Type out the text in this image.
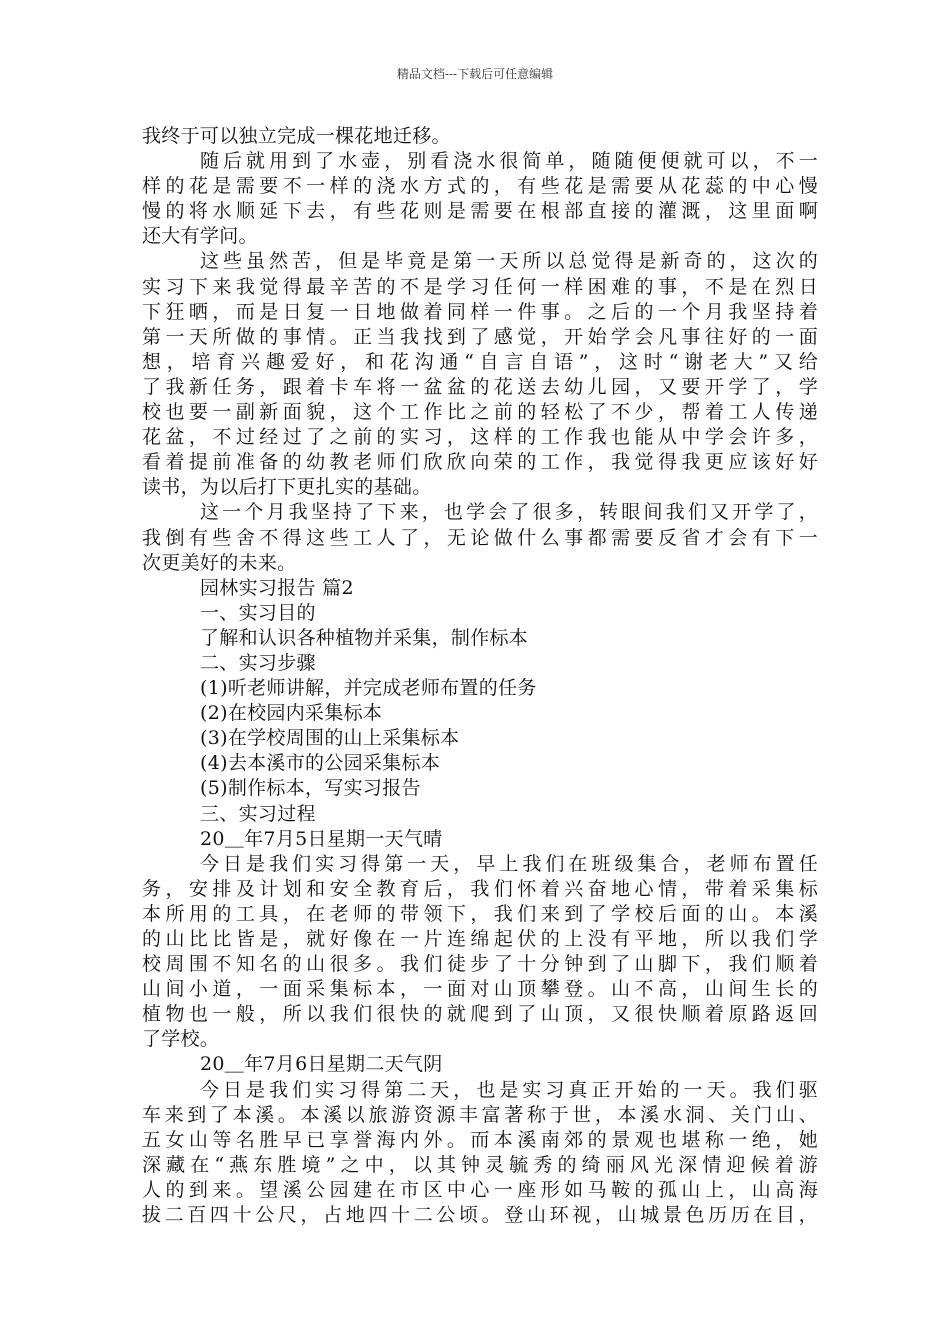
精品文档---下载后可任意编辑
我终于可以独立完成一棵花地迁移。
随后就用到了水壶，别看浇水很简单，随随便便就可以，不一
样的花是需要不一样的浇水方式的，有些花是需要从花蕊的中心慢
慢的将水顺延下去，有些花则是需要在根部直接的灌溉，这里面啊
还大有学问。
这些虽然苦，但是毕竟是第一天所以总觉得是新奇的，这次的
实习下来我觉得最辛苦的不是学习任何一样困难的事，不是在烈日
下狂晒，而是日复一日地做着同样一件事。之后的一个月我坚持着
第一天所做的事情。正当我找到了感觉，开始学会凡事往好的一面
想，培育兴趣爱好，和花沟通“自言自语”，这时“谢老大”又给
了我新任务，跟着卡车将一盆盆的花送去幼儿园，又要开学了，学
校也要一副新面貌，这个工作比之前的轻松了不少，帮着工人传递
花盆，不过经过了之前的实习，这样的工作我也能从中学会许多，
看着提前准备的幼教老师们欣欣向荣的工作，我觉得我更应该好好
读书，为以后打下更扎实的基础。
这一个月我坚持了下来，也学会了很多，转眼间我们又开学了，
我倒有些舍不得这些工人了，无论做什么事都需要反省才会有下一
次更美好的未来。
园林实习报告 篇2
一、实习目的
了解和认识各种植物并采集，制作标本
二、实习步骤
(1)听老师讲解，并完成老师布置的任务
(2)在校园内采集标本
(3)在学校周围的山上采集标本
(4)去本溪市的公园采集标本
(5)制作标本，写实习报告
三、实习过程
20＿年7月5日星期一天气晴
今日是我们实习得第一天，早上我们在班级集合，老师布置任
务，安排及计划和安全教育后，我们怀着兴奋地心情，带着采集标
本所用的工具，在老师的带领下，我们来到了学校后面的山。本溪
的山比比皆是，就好像在一片连绵起伏的上没有平地，所以我们学
校周围不知名的山很多。我们徒步了十分钟到了山脚下，我们顺着
山间小道，一面采集标本，一面对山顶攀登。山不高，山间生长的
植物也一般，所以我们很快的就爬到了山顶，又很快顺着原路返回
了学校。
20＿年7月6日星期二天气阴
今日是我们实习得第二天，也是实习真正开始的一天。我们驱
车来到了本溪。本溪以旅游资源丰富著称于世，本溪水洞、关门山、
五女山等名胜早已享誉海内外。而本溪南郊的景观也堪称一绝，她
深藏在“燕东胜境”之中，以其钟灵毓秀的绮丽风光深情迎候着游
人的到来。望溪公园建在市区中心一座形如马鞍的孤山上，山高海
拔二百四十公尺，占地四十二公顷。登山环视，山城景色历历在目，
